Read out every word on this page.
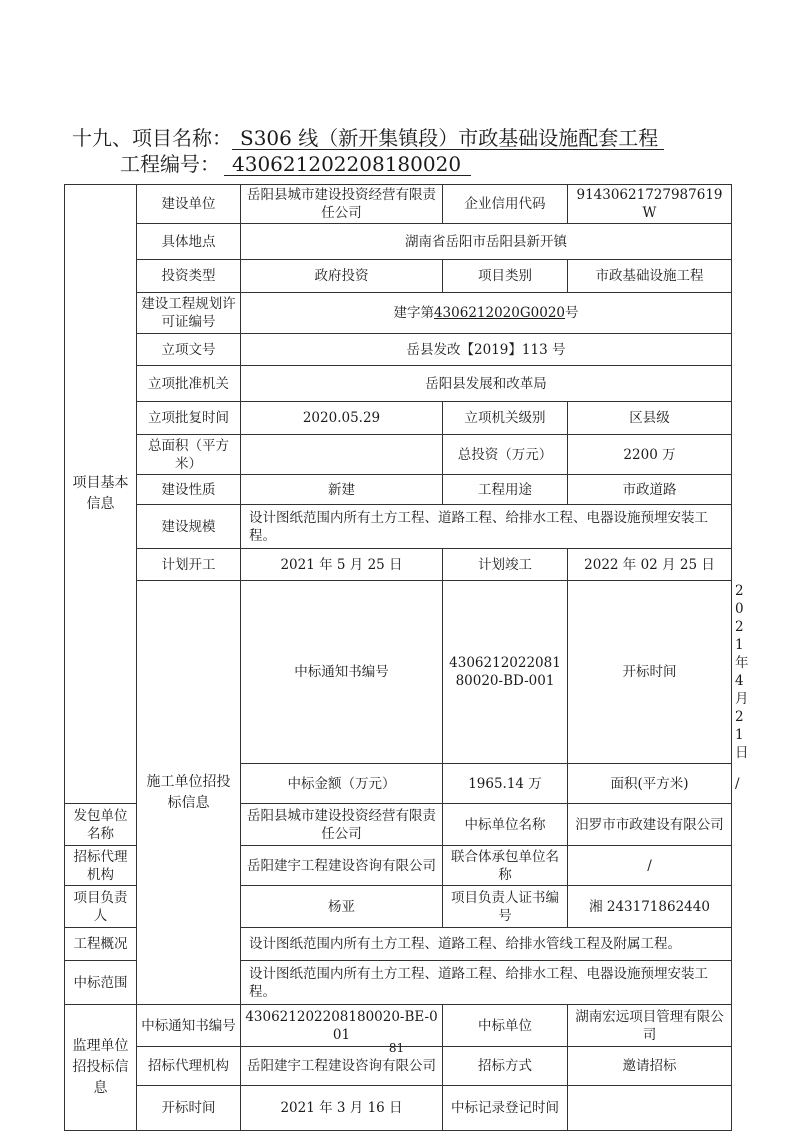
十九、项目名称： S306 线（新开集镇段）市政基础设施配套工程
工程编号： 430621202208180020
项目基本信息	建设单位	岳阳县城市建设投资经营有限责任公司	企业信用代码	91430621727987619W	
	具体地点	湖南省岳阳市岳阳县新开镇			
	投资类型	政府投资	项目类别	市政基础设施工程	
	建设工程规划许可证编号	建字第4306212020G0020号			
	立项文号	岳县发改【2019】113 号			
	立项批准机关	岳阳县发展和改革局			
	立项批复时间	2020.05.29	立项机关级别	区县级	
	总面积（平方米）		总投资（万元）	2200 万	
	建设性质	新建	工程用途	市政道路	
	建设规模	设计图纸范围内所有土方工程、道路工程、给排水工程、电器设施预埋安装工程。			
	计划开工	2021 年 5 月 25 日	计划竣工	2022 年 02 月 25 日	
	施工单位招投标信息	中标通知书编号	430621202208180020-BD-001	开标时间	2021 年 4 月 21 日
		中标金额（万元）	1965.14 万	面积(平方米)	/
发包单位名称		岳阳县城市建设投资经营有限责任公司	中标单位名称	汨罗市市政建设有限公司	
招标代理机构		岳阳建宇工程建设咨询有限公司	联合体承包单位名称	/	
项目负责人		杨亚	项目负责人证书编号	湘 243171862440	
工程概况		设计图纸范围内所有土方工程、道路工程、给排水管线工程及附属工程。			
中标范围		设计图纸范围内所有土方工程、道路工程、给排水工程、电器设施预埋安装工程。			
监理单位招投标信息	中标通知书编号	430621202208180020-BE-001	中标单位	湖南宏远项目管理有限公司	
	招标代理机构	岳阳建宇工程建设咨询有限公司	招标方式	邀请招标	
	开标时间	2021 年 3 月 16 日	中标记录登记时间		
81
